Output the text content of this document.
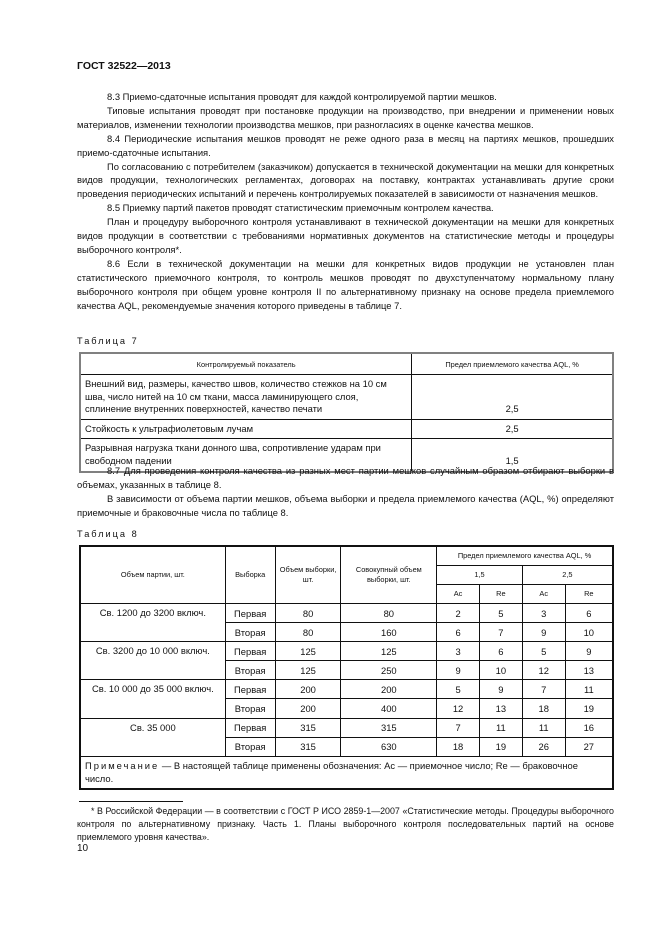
ГОСТ 32522—2013

8.3 Приемо-сдаточные испытания проводят для каждой контролируемой партии мешков.

Типовые испытания проводят при постановке продукции на производство, при внедрении и применении новых материалов, изменении технологии производства мешков, при разногласиях в оценке качества мешков.

8.4 Периодические испытания мешков проводят не реже одного раза в месяц на партиях мешков, прошедших приемо-сдаточные испытания.

По согласованию с потребителем (заказчиком) допускается в технической документации на мешки для конкретных видов продукции, технологических регламентах, договорах на поставку, контрактах устанавливать другие сроки проведения периодических испытаний и перечень контролируемых показателей в зависимости от назначения мешков.

8.5 Приемку партий пакетов проводят статистическим приемочным контролем качества.

План и процедуру выборочного контроля устанавливают в технической документации на мешки для конкретных видов продукции в соответствии с требованиями нормативных документов на статистические методы и процедуры выборочного контроля*.

8.6 Если в технической документации на мешки для конкретных видов продукции не установлен план статистического приемочного контроля, то контроль мешков проводят по двухступенчатому нормальному плану выборочного контроля при общем уровне контроля II по альтернативному признаку на основе предела приемлемого качества AQL, рекомендуемые значения которого приведены в таблице 7.

Таблица 7
Контролируемый показатель	Предел приемлемого качества AQL, %
Внешний вид, размеры, качество швов, количество стежков на 10 см шва, число нитей на 10 см ткани, масса ламинирующего слоя, сплинение внутренних поверхностей, качество печати	2,5
Стойкость к ультрафиолетовым лучам	2,5
Разрывная нагрузка ткани донного шва, сопротивление ударам при свободном падении	1,5

8.7 Для проведения контроля качества из разных мест партии мешков случайным образом отбирают выборки в объемах, указанных в таблице 8.

В зависимости от объема партии мешков, объема выборки и предела приемлемого качества (AQL, %) определяют приемочные и браковочные числа по таблице 8.

Таблица 8
Объем партии, шт.	Выборка	Объем выборки, шт.	Совокупный объем выборки, шт.	Предел приемлемого качества AQL, %			
				1,5		2,5	
				Ac	Re	Ac	Re
Св. 1200 до 3200 включ.	Первая	80	80	2	5	3	6
	Вторая	80	160	6	7	9	10
Св. 3200 до 10 000 включ.	Первая	125	125	3	6	5	9
	Вторая	125	250	9	10	12	13
Св. 10 000 до 35 000 включ.	Первая	200	200	5	9	7	11
	Вторая	200	400	12	13	18	19
Св. 35 000	Первая	315	315	7	11	11	16
	Вторая	315	630	18	19	26	27
Примечание — В настоящей таблице применены обозначения: Ac — приемочное число; Re — браковочное число.							

* В Российской Федерации — в соответствии с ГОСТ Р ИСО 2859-1—2007 «Статистические методы. Процедуры выборочного контроля по альтернативному признаку. Часть 1. Планы выборочного контроля последовательных партий на основе приемлемого уровня качества».

10
